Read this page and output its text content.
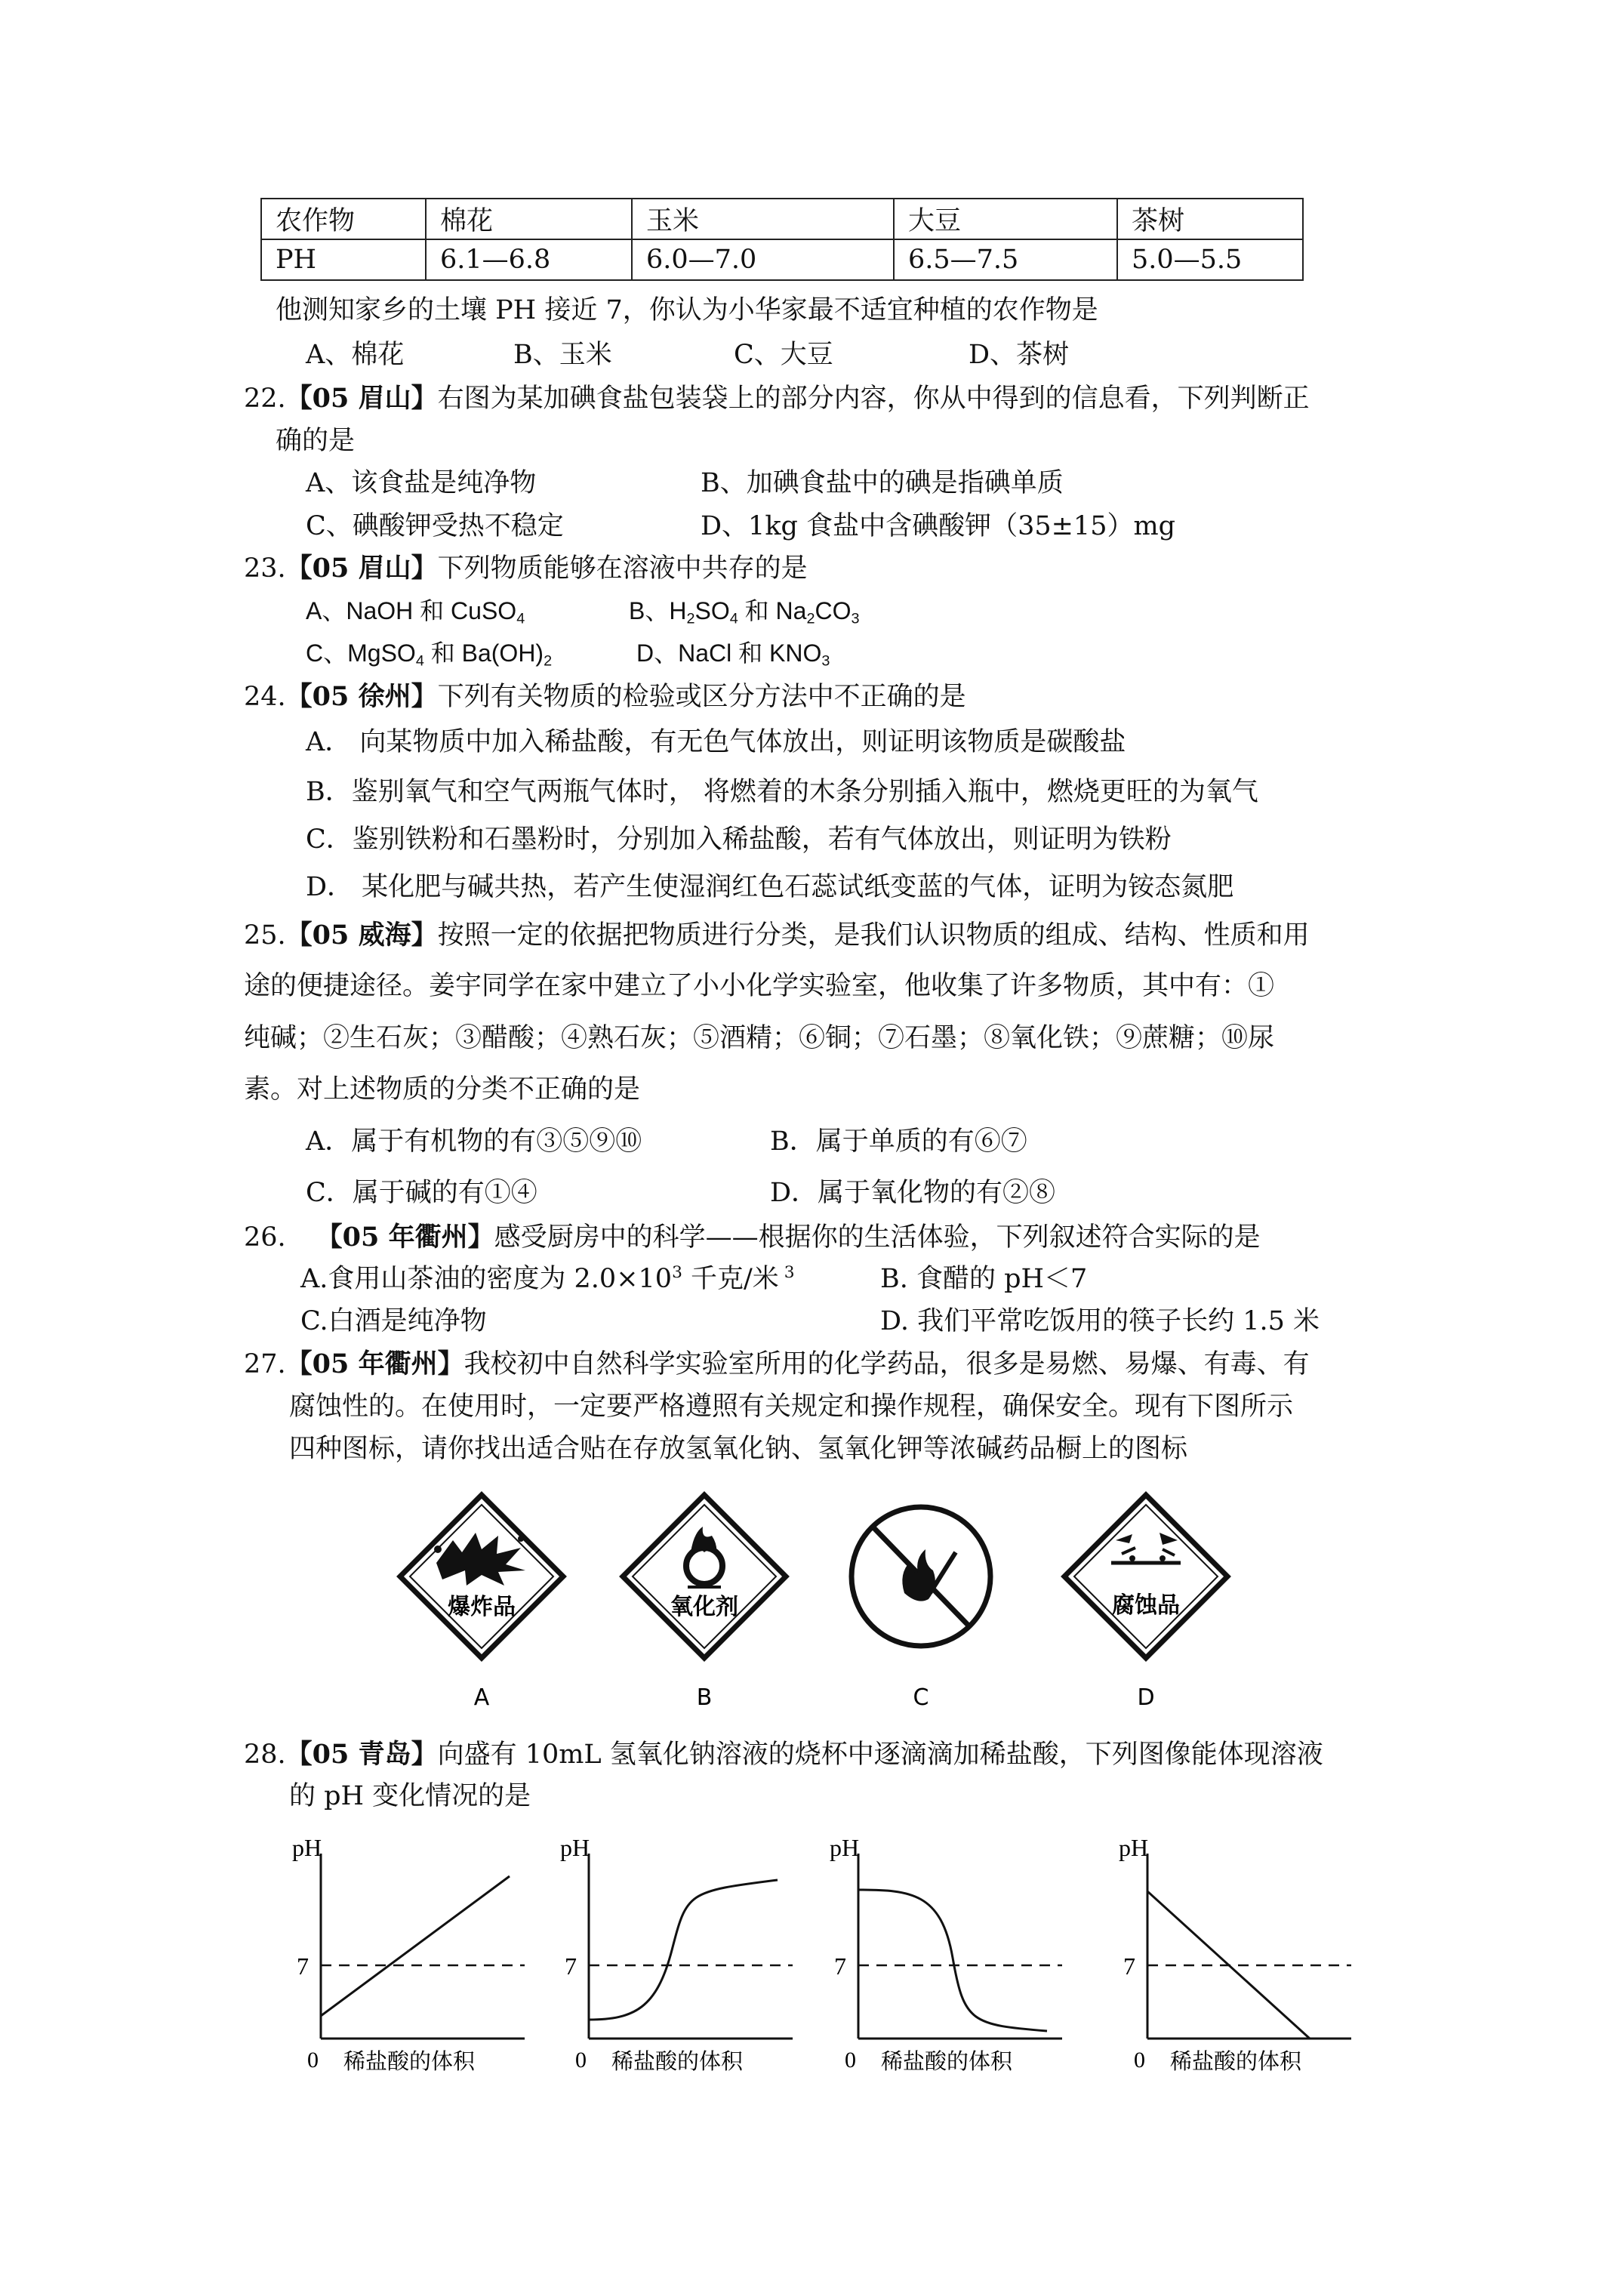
农作物	棉花	玉米	大豆	茶树
PH	6.1—6.8	6.0—7.0	6.5—7.5	5.0—5.5
他测知家乡的土壤 PH 接近 7，你认为小华家最不适宜种植的农作物是
A、棉花	B、玉米	C、大豆	D、茶树
22.【05 眉山】右图为某加碘食盐包装袋上的部分内容，你从中得到的信息看，下列判断正
确的是
A、该食盐是纯净物	B、加碘食盐中的碘是指碘单质
C、碘酸钾受热不稳定	D、1kg 食盐中含碘酸钾（35±15）mg
23.【05 眉山】下列物质能够在溶液中共存的是
A、NaOH 和 CuSO$_4$	B、$H_2SO_4$ 和 $Na_2CO_3$
C、MgSO$_4$ 和 $Ba(OH)_2$	D、NaCl 和 $KNO_3$
24.【05 徐州】下列有关物质的检验或区分方法中不正确的是
A． 向某物质中加入稀盐酸，有无色气体放出，则证明该物质是碳酸盐
B．鉴别氧气和空气两瓶气体时， 将燃着的木条分别插入瓶中，燃烧更旺的为氧气
C．鉴别铁粉和石墨粉时，分别加入稀盐酸，若有气体放出，则证明为铁粉
D． 某化肥与碱共热，若产生使湿润红色石蕊试纸变蓝的气体，证明为铵态氮肥
25.【05 威海】按照一定的依据把物质进行分类，是我们认识物质的组成、结构、性质和用
途的便捷途径。姜宇同学在家中建立了小小化学实验室，他收集了许多物质，其中有：①
纯碱；②生石灰；③醋酸；④熟石灰；⑤酒精；⑥铜；⑦石墨；⑧氧化铁；⑨蔗糖；⑩尿
素。对上述物质的分类不正确的是
A．属于有机物的有③⑤⑨⑩	B．属于单质的有⑥⑦
C．属于碱的有①④	D．属于氧化物的有②⑧
26. 【05 年衢州】感受厨房中的科学——根据你的生活体验，下列叙述符合实际的是
A.食用山茶油的密度为 $2.0\times 10^3$ 千克/米 $^3$	B. 食醋的 pH＜7
C.白酒是纯净物	D. 我们平常吃饭用的筷子长约 1.5 米
27.【05 年衢州】我校初中自然科学实验室所用的化学药品，很多是易燃、易爆、有毒、有
腐蚀性的。在使用时，一定要严格遵照有关规定和操作规程，确保安全。现有下图所示
四种图标，请你找出适合贴在存放氢氧化钠、氢氧化钾等浓碱药品橱上的图标
爆炸品
A
氧化剂
B	C
腐蚀品
D
28.【05 青岛】向盛有 10mL 氢氧化钠溶液的烧杯中逐滴滴加稀盐酸，下列图像能体现溶液
的 pH 变化情况的是
pH
7
0 稀盐酸的体积
pH
7
0 稀盐酸的体积
pH
7
0 稀盐酸的体积
pH
7
0 稀盐酸的体积
